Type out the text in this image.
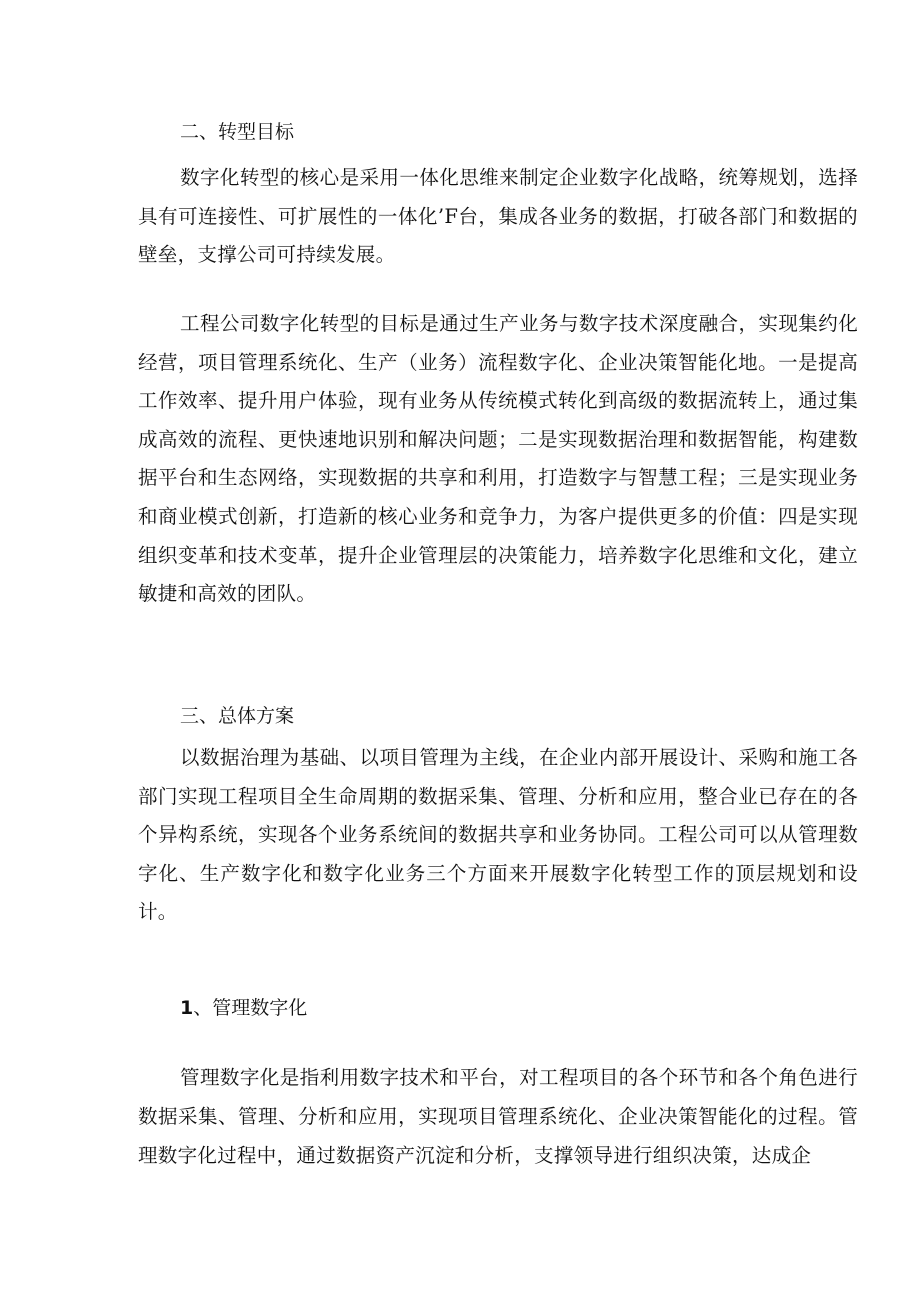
二、转型目标
数字化转型的核心是采用一体化思维来制定企业数字化战略，统筹规划，选择具有可连接性、可扩展性的一体化’F台，集成各业务的数据，打破各部门和数据的壁垒，支撑公司可持续发展。
工程公司数字化转型的目标是通过生产业务与数字技术深度融合，实现集约化经营，项目管理系统化、生产（业务）流程数字化、企业决策智能化地。一是提高工作效率、提升用户体验，现有业务从传统模式转化到高级的数据流转上，通过集成高效的流程、更快速地识别和解决问题；二是实现数据治理和数据智能，构建数据平台和生态网络，实现数据的共享和利用，打造数字与智慧工程；三是实现业务和商业模式创新，打造新的核心业务和竞争力，为客户提供更多的价值：四是实现组织变革和技术变革，提升企业管理层的决策能力，培养数字化思维和文化，建立敏捷和高效的团队。
三、总体方案
以数据治理为基础、以项目管理为主线，在企业内部开展设计、采购和施工各部门实现工程项目全生命周期的数据采集、管理、分析和应用，整合业已存在的各个异构系统，实现各个业务系统间的数据共享和业务协同。工程公司可以从管理数字化、生产数字化和数字化业务三个方面来开展数字化转型工作的顶层规划和设计。
1、管理数字化
管理数字化是指利用数字技术和平台，对工程项目的各个环节和各个角色进行数据采集、管理、分析和应用，实现项目管理系统化、企业决策智能化的过程。管理数字化过程中，通过数据资产沉淀和分析，支撑领导进行组织决策，达成企
